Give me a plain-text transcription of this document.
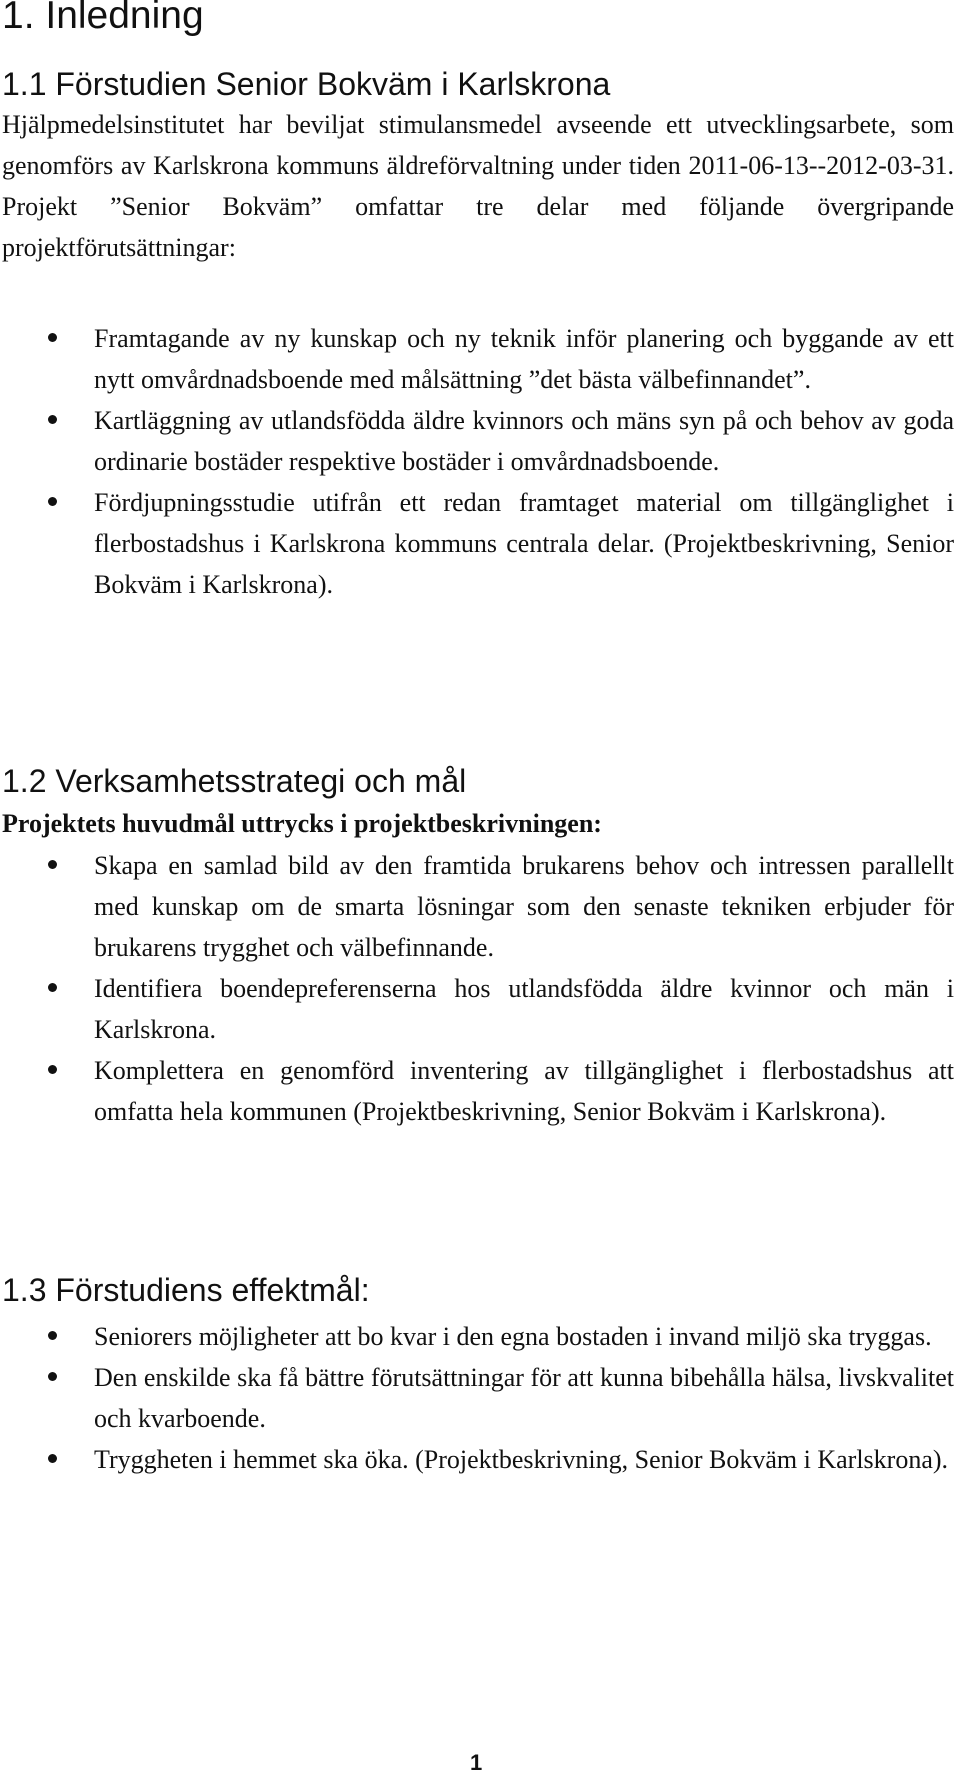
1. Inledning
1.1 Förstudien Senior Bokväm i Karlskrona

Hjälpmedelsinstitutet har beviljat stimulansmedel avseende ett utvecklingsarbete, som genomförs av Karlskrona kommuns äldreförvaltning under tiden 2011-06-13--2012-03-31. Projekt ”Senior Bokväm” omfattar tre delar med följande övergripande projektförutsättningar:

Framtagande av ny kunskap och ny teknik inför planering och byggande av ett nytt omvårdnadsboende med målsättning ”det bästa välbefinnandet”.
Kartläggning av utlandsfödda äldre kvinnors och mäns syn på och behov av goda ordinarie bostäder respektive bostäder i omvårdnadsboende.
Fördjupningsstudie utifrån ett redan framtaget material om tillgänglighet i flerbostadshus i Karlskrona kommuns centrala delar. (Projektbeskrivning, Senior Bokväm i Karlskrona).
1.2 Verksamhetsstrategi och mål

Projektets huvudmål uttrycks i projektbeskrivningen:

Skapa en samlad bild av den framtida brukarens behov och intressen parallellt med kunskap om de smarta lösningar som den senaste tekniken erbjuder för brukarens trygghet och välbefinnande.
Identifiera boendepreferenserna hos utlandsfödda äldre kvinnor och män i Karlskrona.
Komplettera en genomförd inventering av tillgänglighet i flerbostadshus att omfatta hela kommunen (Projektbeskrivning, Senior Bokväm i Karlskrona).
1.3 Förstudiens effektmål:
Seniorers möjligheter att bo kvar i den egna bostaden i invand miljö ska tryggas.
Den enskilde ska få bättre förutsättningar för att kunna bibehålla hälsa, livskvalitet och kvarboende.
Tryggheten i hemmet ska öka. (Projektbeskrivning, Senior Bokväm i Karlskrona).

1
